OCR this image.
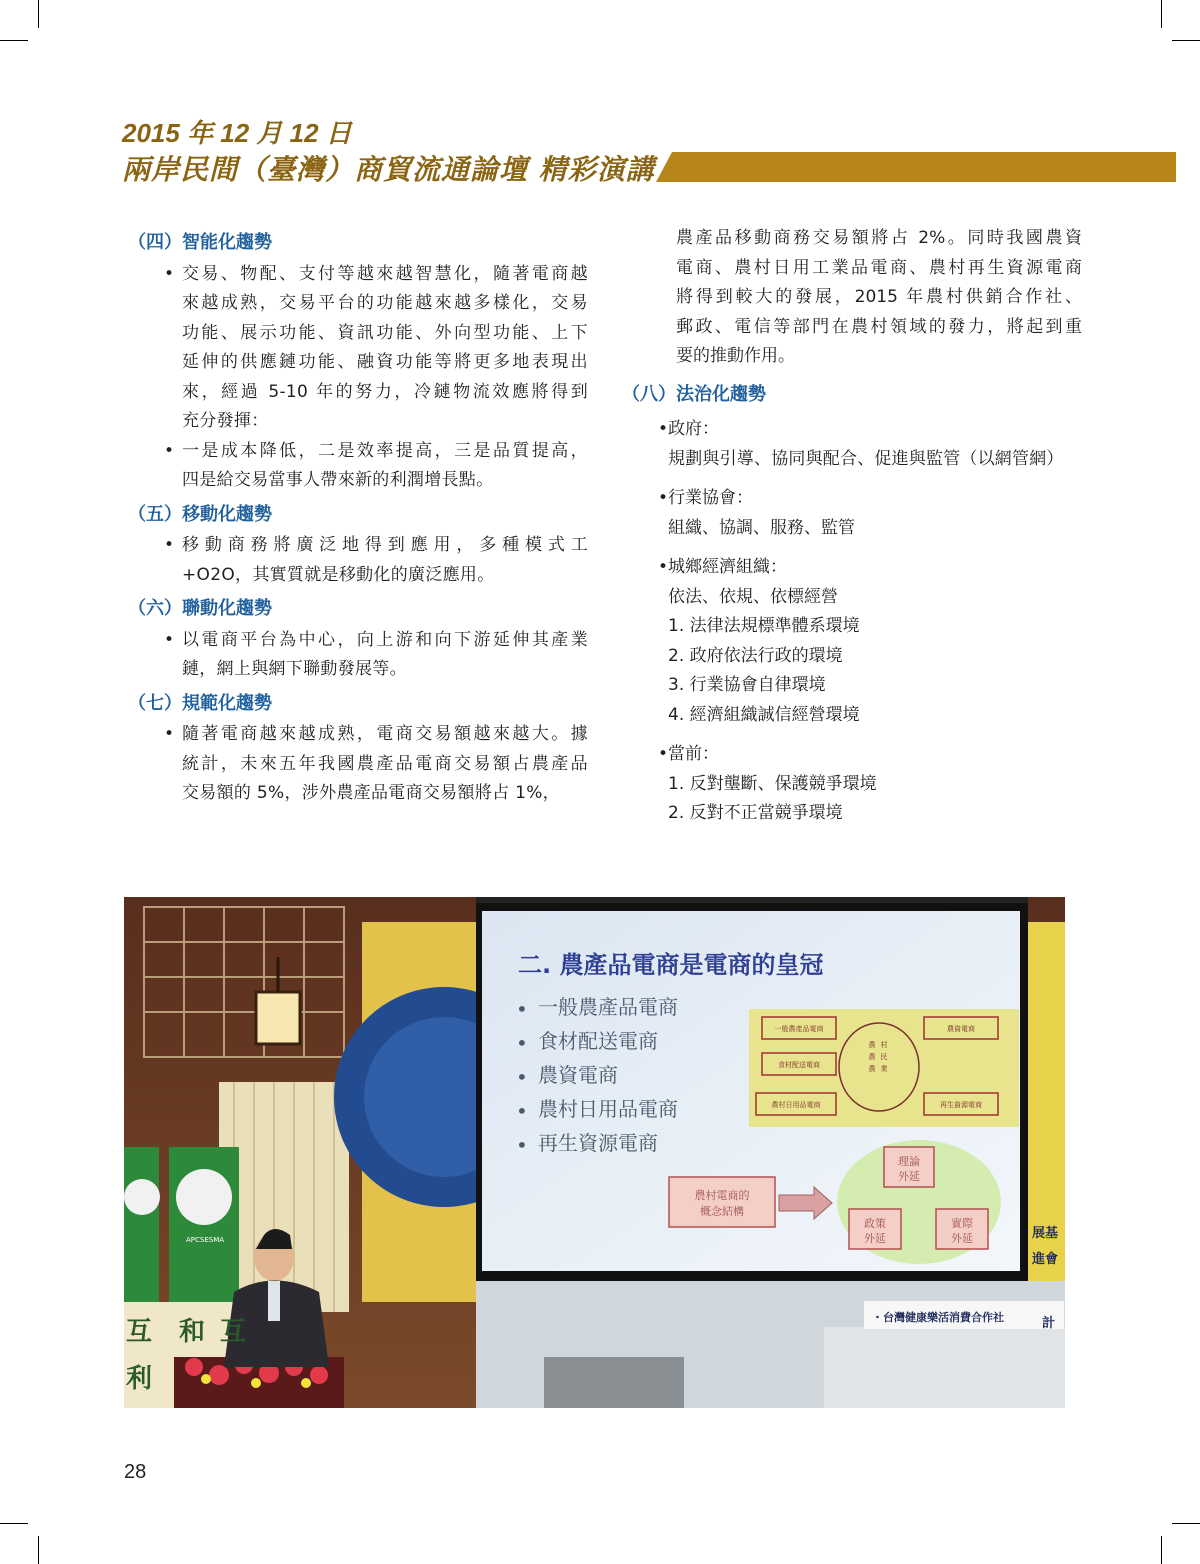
2015 年 12 月 12 日
兩岸民間（臺灣）商貿流通論壇 精彩演講
（四）智能化趨勢
• 交易、物配、支付等越來越智慧化，隨著電商越
來越成熟，交易平台的功能越來越多樣化，交易
功能、展示功能、資訊功能、外向型功能、上下
延伸的供應鏈功能、融資功能等將更多地表現出
來，經過 5-10 年的努力，冷鏈物流效應將得到
充分發揮：
• 一是成本降低，二是效率提高，三是品質提高，
四是給交易當事人帶來新的利潤增長點。
（五）移動化趨勢
• 移動商務將廣泛地得到應用，多種模式工
+O2O，其實質就是移動化的廣泛應用。
（六）聯動化趨勢
• 以電商平台為中心，向上游和向下游延伸其產業
鏈，網上與網下聯動發展等。
（七）規範化趨勢
• 隨著電商越來越成熟，電商交易額越來越大。據
統計，未來五年我國農產品電商交易額占農產品
交易額的 5%，涉外農產品電商交易額將占 1%，
農產品移動商務交易額將占 2%。同時我國農資
電商、農村日用工業品電商、農村再生資源電商
將得到較大的發展，2015 年農村供銷合作社、
郵政、電信等部門在農村領域的發力，將起到重
要的推動作用。
（八）法治化趨勢
• 政府：
規劃與引導、協同與配合、促進與監管（以網管網）
• 行業協會：
組織、協調、服務、監管
• 城鄉經濟組織：
依法、依規、依標經營
1. 法律法規標準體系環境
2. 政府依法行政的環境
3. 行業協會自律環境
4. 經濟組織誠信經營環境
• 當前：
1. 反對壟斷、保護競爭環境
2. 反對不正當競爭環境
二. 農產品電商是電商的皇冠
• 一般農產品電商
• 食材配送電商
• 農資電商
• 農村日用品電商
• 再生資源電商
一般農產品電商	農資電商
食材配送電商
農村日用品電商	再生資源電商
農 村
農 民
農 業
農村電商的
概念結構
理論
外延
政策
外延
實際
外延	展基
進會
計
・台灣健康樂活消費合作社
互
利
和 互
APCSESMA
28
